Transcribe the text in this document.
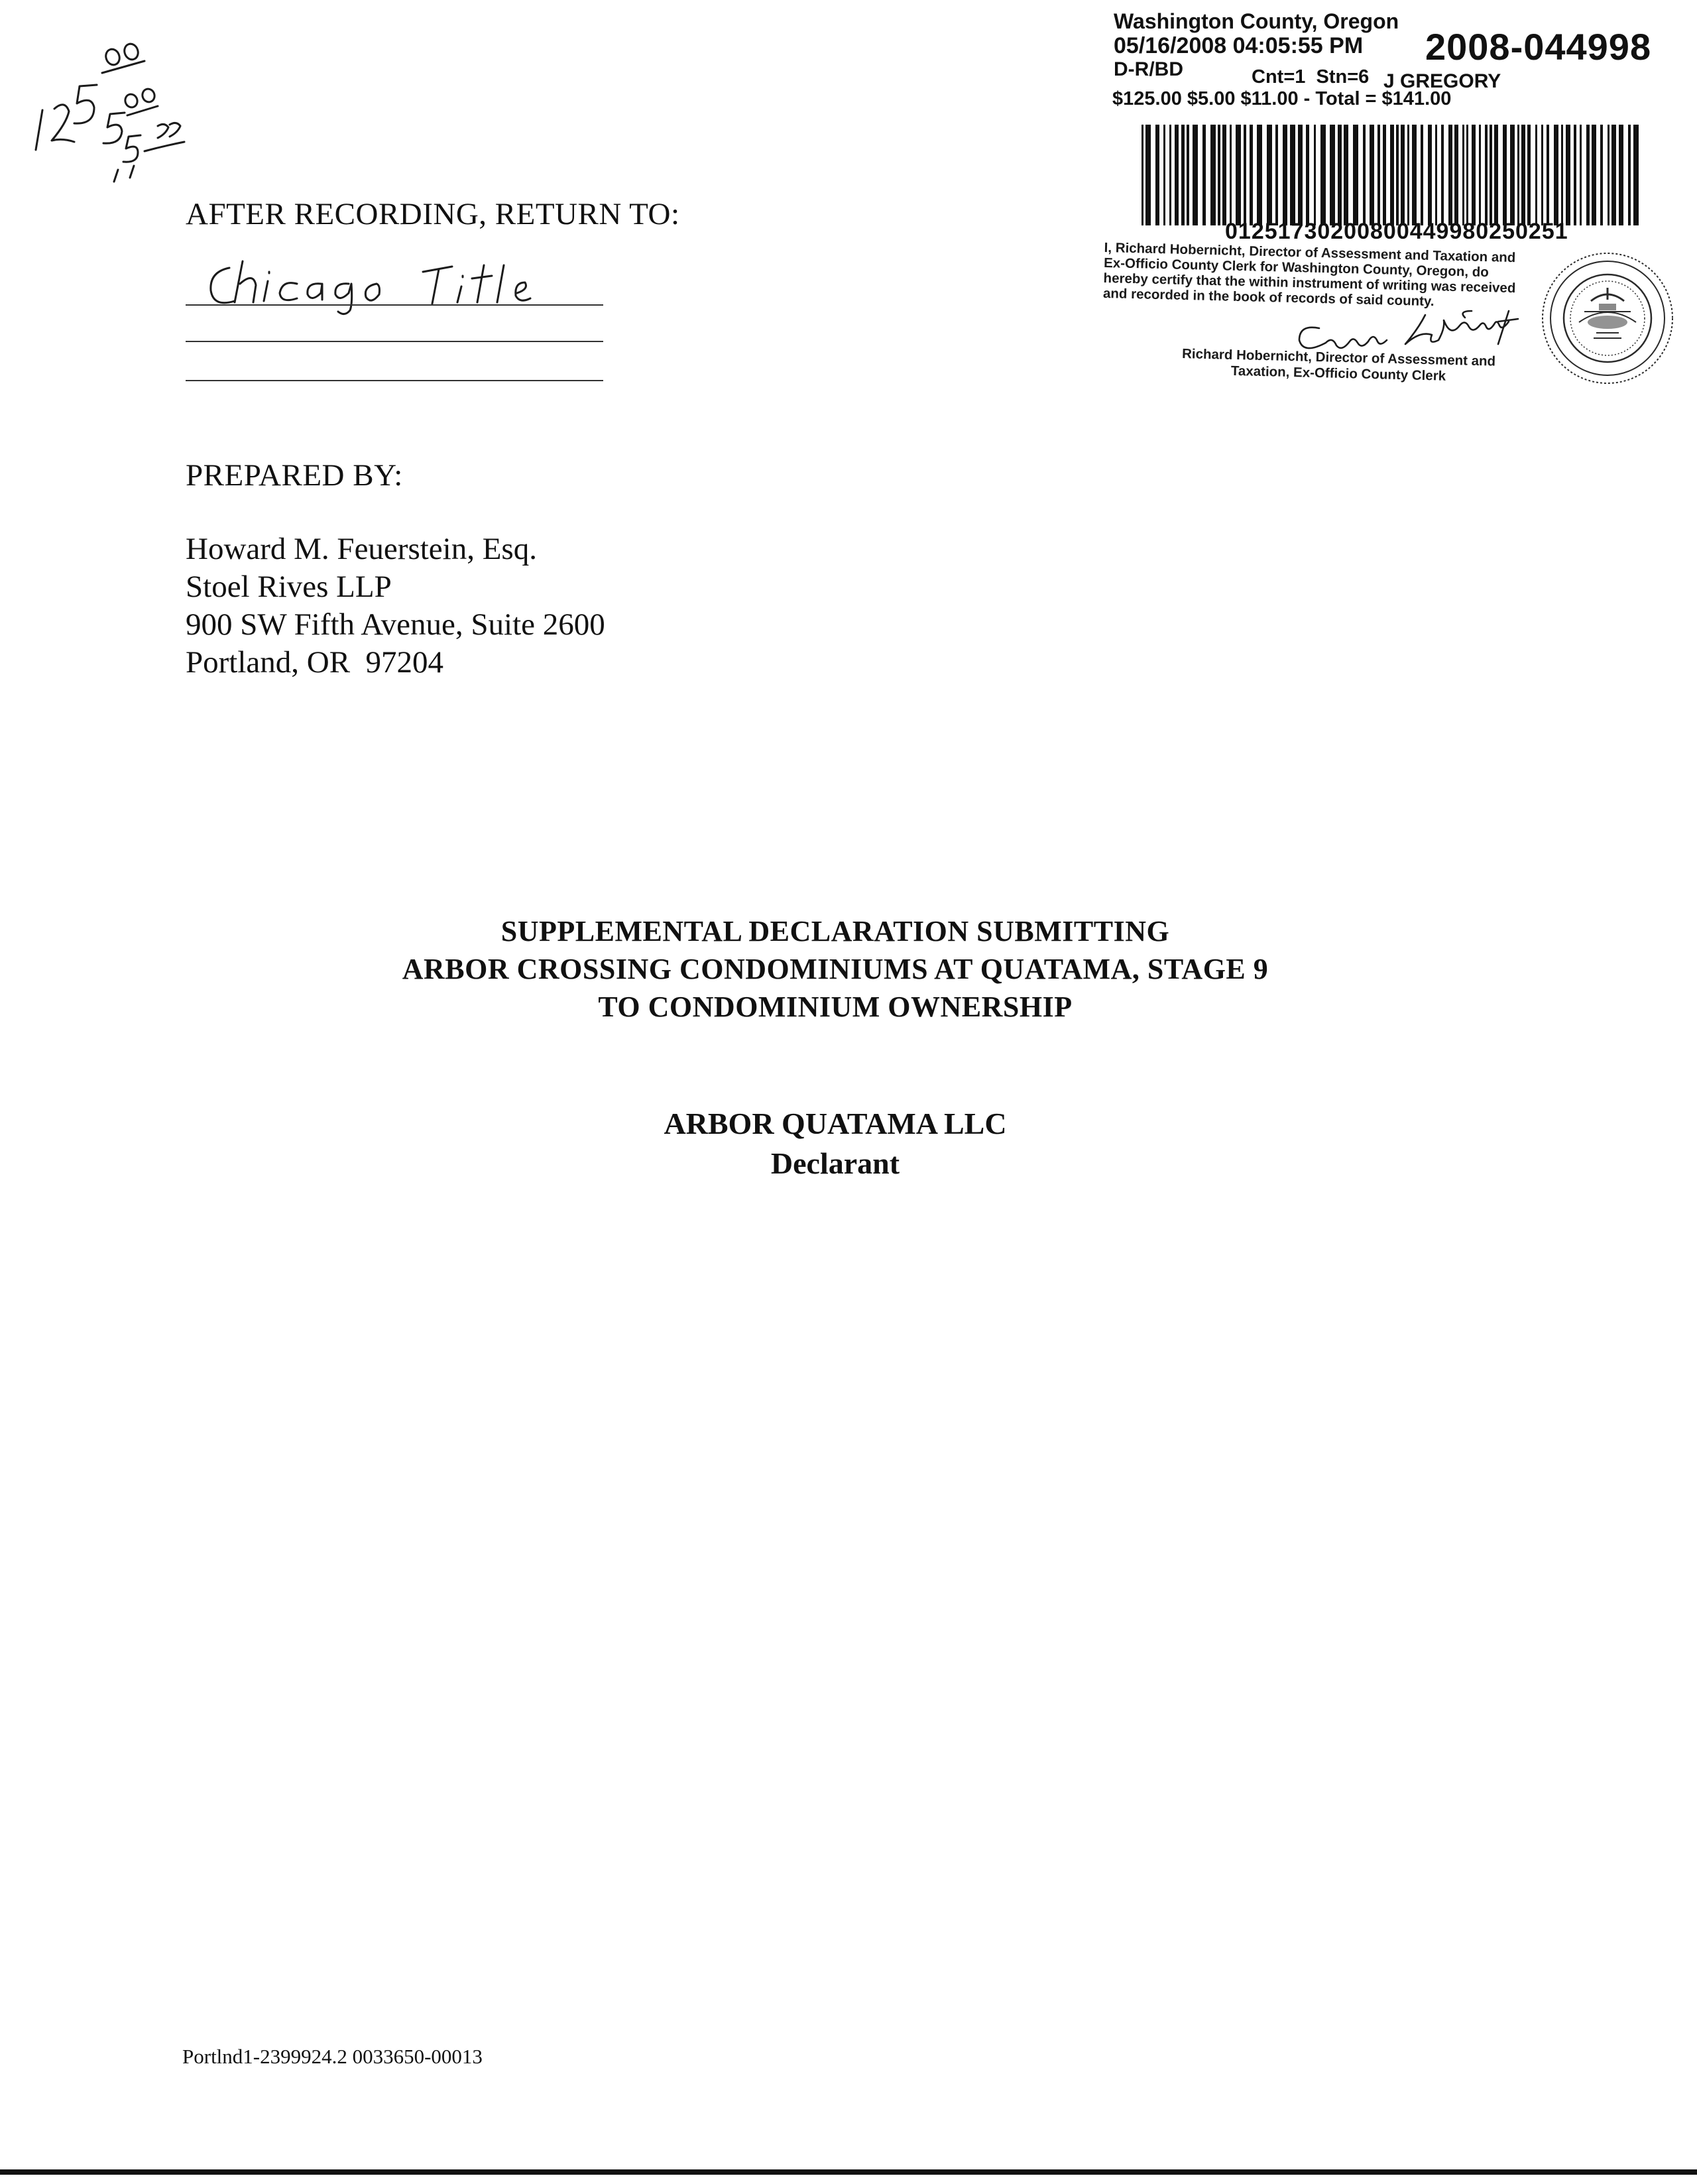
Washington County, Oregon
05/16/2008 04:05:55 PM 2008-044998
D-R/BD	Cnt=1 Stn=6 J GREGORY
$125.00 $5.00 $11.00 - Total = $141.00
01251730200800449980250251
I, Richard Hobernicht, Director of Assessment and Taxation and Ex-Officio County Clerk for Washington County, Oregon, do hereby certify that the within instrument of writing was received and recorded in the book of records of said county.
Richard Hobernicht, Director of Assessment and
Taxation, Ex-Officio County Clerk
AFTER RECORDING, RETURN TO:
PREPARED BY:
Howard M. Feuerstein, Esq.
Stoel Rives LLP
900 SW Fifth Avenue, Suite 2600
Portland, OR  97204
SUPPLEMENTAL DECLARATION SUBMITTING
ARBOR CROSSING CONDOMINIUMS AT QUATAMA, STAGE 9
TO CONDOMINIUM OWNERSHIP
ARBOR QUATAMA LLC
Declarant
Portlnd1-2399924.2 0033650-00013
